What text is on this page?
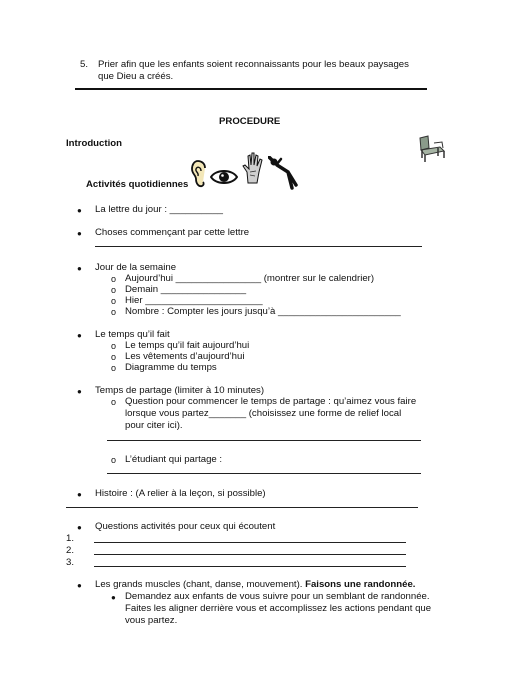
5. Prier afin que les enfants soient reconnaissants pour les beaux paysages
que Dieu a créés.
PROCEDURE
Introduction
Activités quotidiennes
● La lettre du jour : __________
● Choses commençant par cette lettre
● Jour de la semaine
o Aujourd’hui ________________ (montrer sur le calendrier)
o Demain ________________
o Hier ______________________
o Nombre : Compter les jours jusqu’à _______________________
● Le temps qu’il fait
o Le temps qu’il fait aujourd’hui
o Les vêtements d’aujourd’hui
o Diagramme du temps
● Temps de partage (limiter à 10 minutes)
o Question pour commencer le temps de partage : qu’aimez vous faire
lorsque vous partez_______ (choisissez une forme de relief local
pour citer ici).
o L’étudiant qui partage :
● Histoire : (A relier à la leçon, si possible)
● Questions activités pour ceux qui écoutent
1.
2.
3.
● Les grands muscles (chant, danse, mouvement). Faisons une randonnée.
● Demandez aux enfants de vous suivre pour un semblant de randonnée.
Faites les aligner derrière vous et accomplissez les actions pendant que
vous partez.
